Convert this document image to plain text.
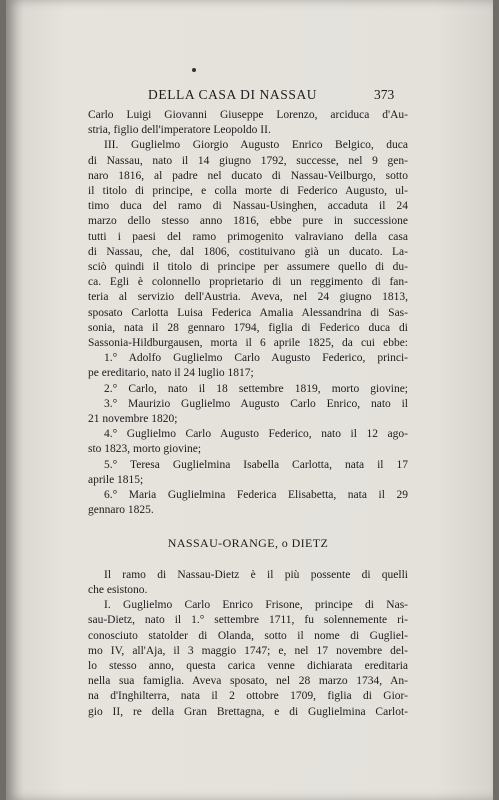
DELLA CASA DI NASSAU	373
Carlo Luigi Giovanni Giuseppe Lorenzo, arciduca d'Au-
stria, figlio dell'imperatore Leopoldo II.
III. Guglielmo Giorgio Augusto Enrico Belgico, duca
di Nassau, nato il 14 giugno 1792, successe, nel 9 gen-
naro 1816, al padre nel ducato di Nassau-Veilburgo, sotto
il titolo di principe, e colla morte di Federico Augusto, ul-
timo duca del ramo di Nassau-Usinghen, accaduta il 24
marzo dello stesso anno 1816, ebbe pure in successione
tutti i paesi del ramo primogenito valraviano della casa
di Nassau, che, dal 1806, costituivano già un ducato. La-
sciò quindi il titolo di principe per assumere quello di du-
ca. Egli è colonnello proprietario di un reggimento di fan-
teria al servizio dell'Austria. Aveva, nel 24 giugno 1813,
sposato Carlotta Luisa Federica Amalia Alessandrina di Sas-
sonia, nata il 28 gennaro 1794, figlia di Federico duca di
Sassonia-Hildburgausen, morta il 6 aprile 1825, da cui ebbe:
1.° Adolfo Guglielmo Carlo Augusto Federico, princi-
pe ereditario, nato il 24 luglio 1817;
2.° Carlo, nato il 18 settembre 1819, morto giovine;
3.° Maurizio Guglielmo Augusto Carlo Enrico, nato il
21 novembre 1820;
4.° Guglielmo Carlo Augusto Federico, nato il 12 ago-
sto 1823, morto giovine;
5.° Teresa Guglielmina Isabella Carlotta, nata il 17
aprile 1815;
6.° Maria Guglielmina Federica Elisabetta, nata il 29
gennaro 1825.
NASSAU-ORANGE, o DIETZ
Il ramo di Nassau-Dietz è il più possente di quelli
che esistono.
I. Guglielmo Carlo Enrico Frisone, principe di Nas-
sau-Dietz, nato il 1.° settembre 1711, fu solennemente ri-
conosciuto statolder di Olanda, sotto il nome di Gugliel-
mo IV, all'Aja, il 3 maggio 1747; e, nel 17 novembre del-
lo stesso anno, questa carica venne dichiarata ereditaria
nella sua famiglia. Aveva sposato, nel 28 marzo 1734, An-
na d'Inghilterra, nata il 2 ottobre 1709, figlia di Gior-
gio II, re della Gran Brettagna, e di Guglielmina Carlot-
